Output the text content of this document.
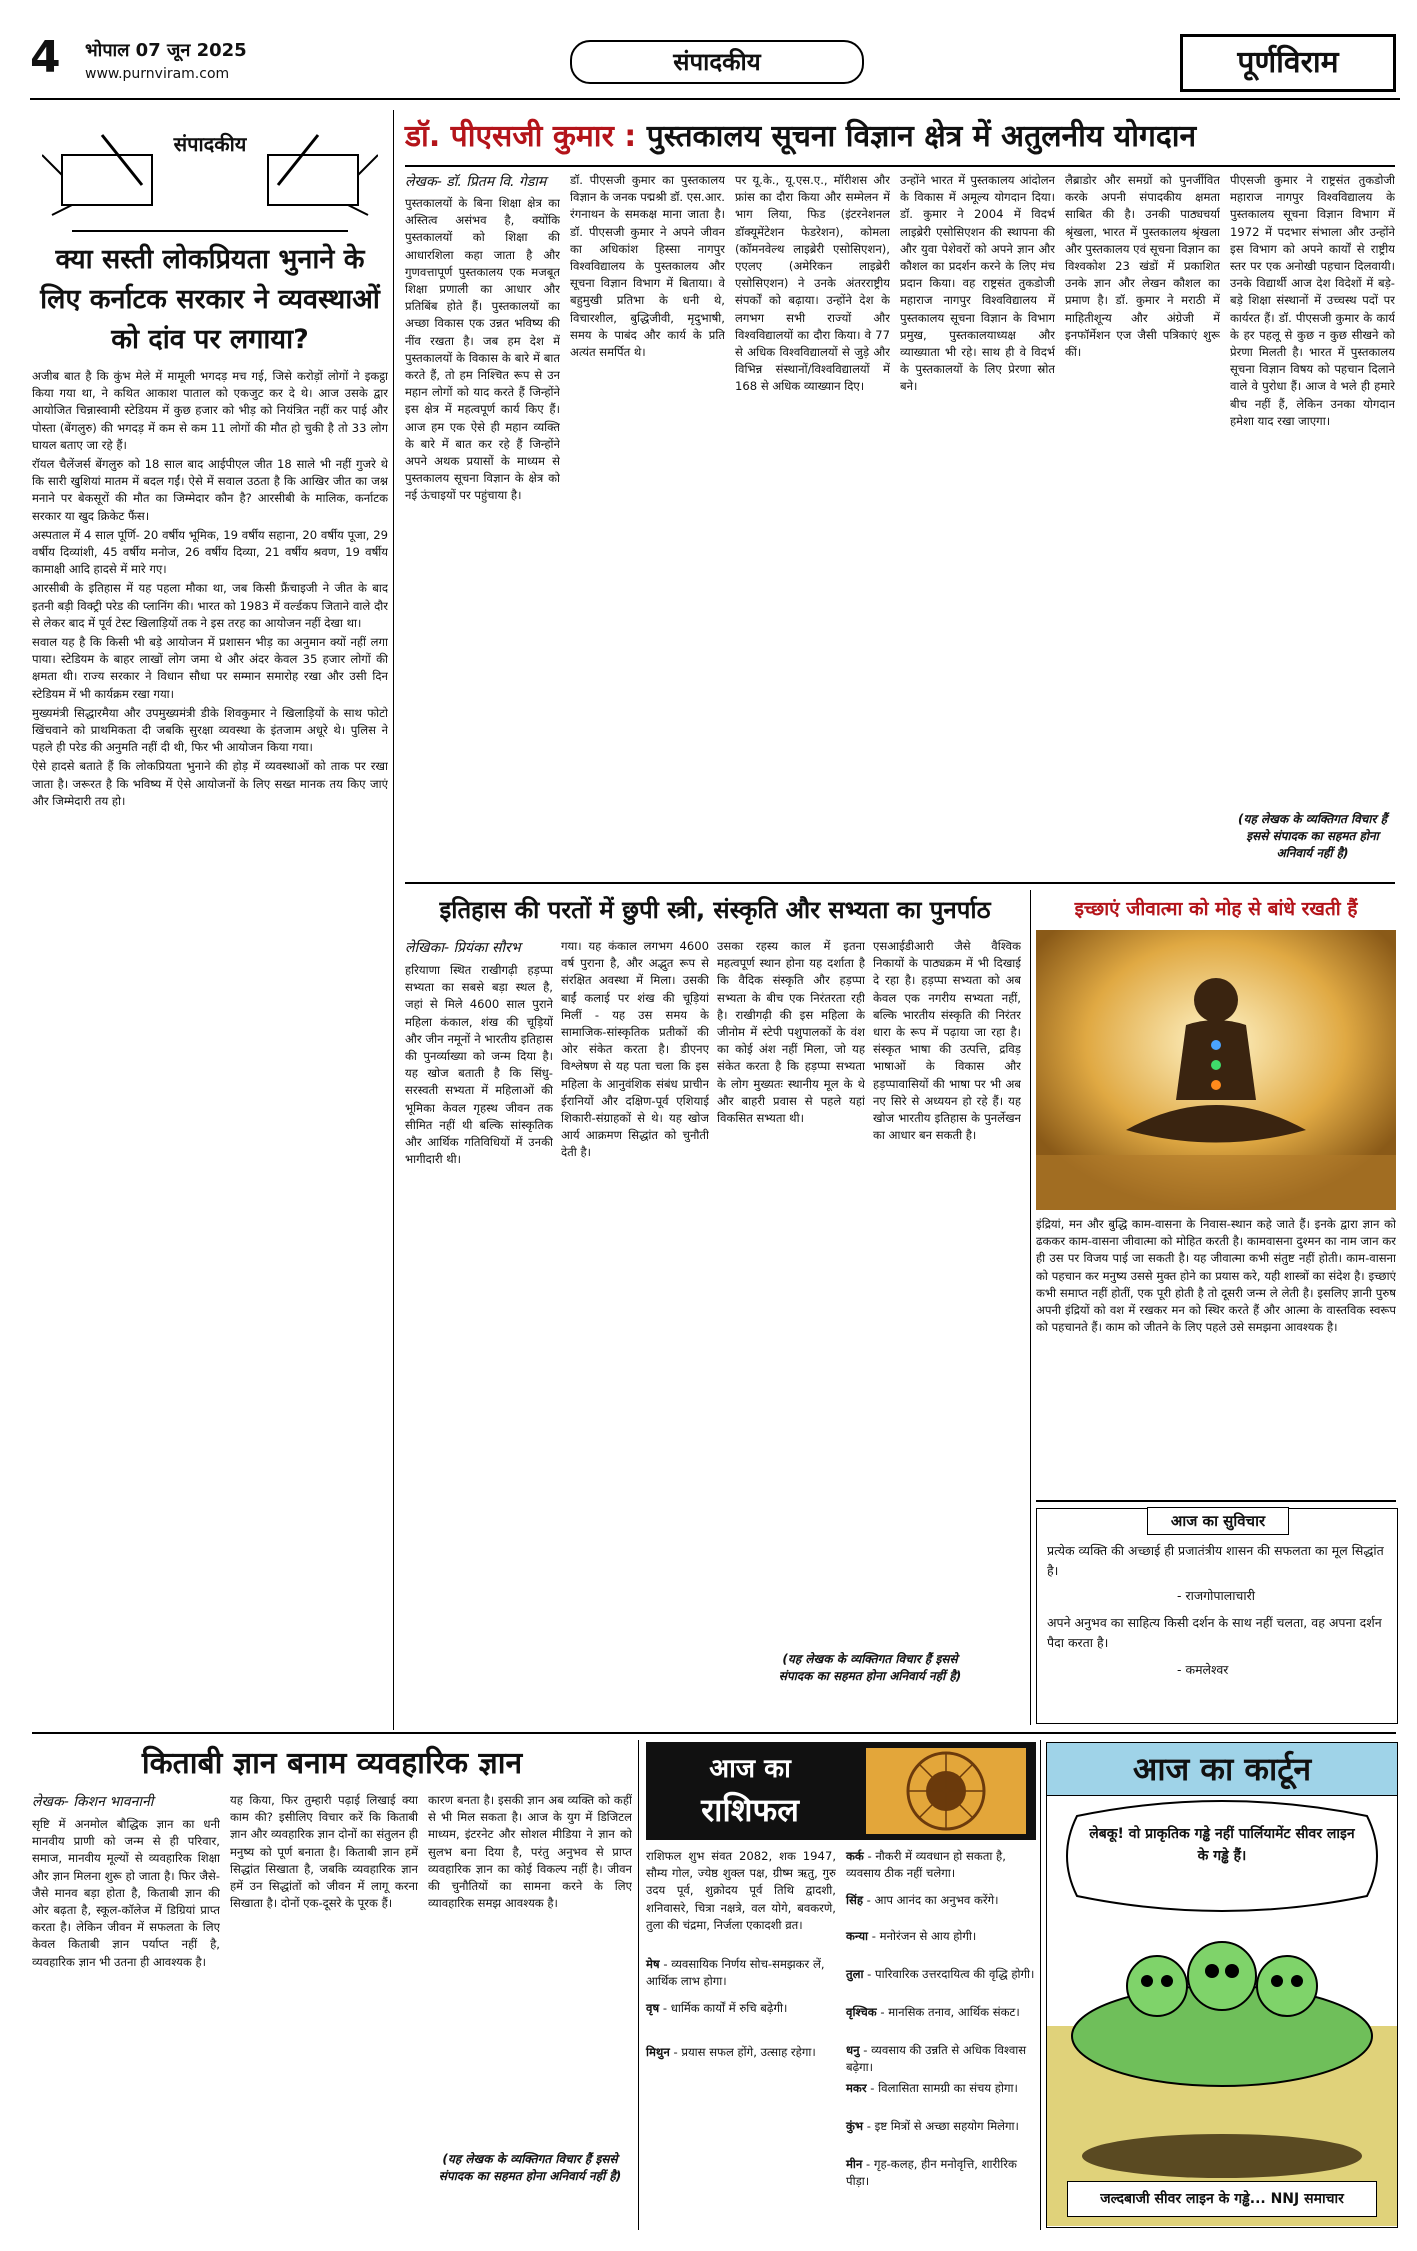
4 भोपाल 07 जून 2025
www.purnviram.com	संपादकीय	पूर्णविराम
संपादकीय
क्या सस्ती लोकप्रियता भुनाने के लिए कर्नाटक सरकार ने व्यवस्थाओं को दांव पर लगाया?

अजीब बात है कि कुंभ मेले में मामूली भगदड़ मच गई, जिसे करोड़ों लोगों ने इकट्ठा किया गया था, ने कथित आकाश पाताल को एकजुट कर दे थे। आज उसके द्वार आयोजित चिन्नास्वामी स्टेडियम में कुछ हजार को भीड़ को नियंत्रित नहीं कर पाई और पोस्ता (बेंगलुरु) की भगदड़ में कम से कम 11 लोगों की मौत हो चुकी है तो 33 लोग घायल बताए जा रहे हैं।

रॉयल चैलेंजर्स बेंगलुरु को 18 साल बाद आईपीएल जीत 18 साले भी नहीं गुजरे थे कि सारी खुशियां मातम में बदल गईं। ऐसे में सवाल उठता है कि आखिर जीत का जश्न मनाने पर बेकसूरों की मौत का जिम्मेदार कौन है? आरसीबी के मालिक, कर्नाटक सरकार या खुद क्रिकेट फैंस।

अस्पताल में 4 साल पूर्णि- 20 वर्षीय भूमिक, 19 वर्षीय सहाना, 20 वर्षीय पूजा, 29 वर्षीय दिव्यांशी, 45 वर्षीय मनोज, 26 वर्षीय दिव्या, 21 वर्षीय श्रवण, 19 वर्षीय कामाक्षी आदि हादसे में मारे गए।

आरसीबी के इतिहास में यह पहला मौका था, जब किसी फ्रैंचाइजी ने जीत के बाद इतनी बड़ी विक्ट्री परेड की प्लानिंग की। भारत को 1983 में वर्ल्डकप जिताने वाले दौर से लेकर बाद में पूर्व टेस्ट खिलाड़ियों तक ने इस तरह का आयोजन नहीं देखा था।

सवाल यह है कि किसी भी बड़े आयोजन में प्रशासन भीड़ का अनुमान क्यों नहीं लगा पाया। स्टेडियम के बाहर लाखों लोग जमा थे और अंदर केवल 35 हजार लोगों की क्षमता थी। राज्य सरकार ने विधान सौधा पर सम्मान समारोह रखा और उसी दिन स्टेडियम में भी कार्यक्रम रखा गया।

मुख्यमंत्री सिद्धारमैया और उपमुख्यमंत्री डीके शिवकुमार ने खिलाड़ियों के साथ फोटो खिंचवाने को प्राथमिकता दी जबकि सुरक्षा व्यवस्था के इंतजाम अधूरे थे। पुलिस ने पहले ही परेड की अनुमति नहीं दी थी, फिर भी आयोजन किया गया।

ऐसे हादसे बताते हैं कि लोकप्रियता भुनाने की होड़ में व्यवस्थाओं को ताक पर रखा जाता है। जरूरत है कि भविष्य में ऐसे आयोजनों के लिए सख्त मानक तय किए जाएं और जिम्मेदारी तय हो।

डॉ. पीएसजी कुमार : पुस्तकालय सूचना विज्ञान क्षेत्र में अतुलनीय योगदान
लेखक- डॉ. प्रितम वि. गेडाम
पुस्तकालयों के बिना शिक्षा क्षेत्र का अस्तित्व असंभव है, क्योंकि पुस्तकालयों को शिक्षा की आधारशिला कहा जाता है और गुणवत्तापूर्ण पुस्तकालय एक मजबूत शिक्षा प्रणाली का आधार और प्रतिबिंब होते हैं। पुस्तकालयों का अच्छा विकास एक उन्नत भविष्य की नींव रखता है। जब हम देश में पुस्तकालयों के विकास के बारे में बात करते हैं, तो हम निश्चित रूप से उन महान लोगों को याद करते हैं जिन्होंने इस क्षेत्र में महत्वपूर्ण कार्य किए हैं। आज हम एक ऐसे ही महान व्यक्ति के बारे में बात कर रहे हैं जिन्होंने अपने अथक प्रयासों के माध्यम से पुस्तकालय सूचना विज्ञान के क्षेत्र को नई ऊंचाइयों पर पहुंचाया है।
डॉ. पीएसजी कुमार का पुस्तकालय विज्ञान के जनक पद्मश्री डॉ. एस.आर. रंगनाथन के समकक्ष माना जाता है। डॉ. पीएसजी कुमार ने अपने जीवन का अधिकांश हिस्सा नागपुर विश्वविद्यालय के पुस्तकालय और सूचना विज्ञान विभाग में बिताया। वे बहुमुखी प्रतिभा के धनी थे, विचारशील, बुद्धिजीवी, मृदुभाषी, समय के पाबंद और कार्य के प्रति अत्यंत समर्पित थे।
पर यू.के., यू.एस.ए., मॉरीशस और फ्रांस का दौरा किया और सम्मेलन में भाग लिया, फिड (इंटरनेशनल डॉक्यूमेंटेशन फेडरेशन), कोमला (कॉमनवेल्थ लाइब्रेरी एसोसिएशन), एएलए (अमेरिकन लाइब्रेरी एसोसिएशन) ने उनके अंतरराष्ट्रीय संपर्कों को बढ़ाया। उन्होंने देश के लगभग सभी राज्यों और विश्वविद्यालयों का दौरा किया। वे 77 से अधिक विश्वविद्यालयों से जुड़े और विभिन्न संस्थानों/विश्वविद्यालयों में 168 से अधिक व्याख्यान दिए।
उन्होंने भारत में पुस्तकालय आंदोलन के विकास में अमूल्य योगदान दिया। डॉ. कुमार ने 2004 में विदर्भ लाइब्रेरी एसोसिएशन की स्थापना की और युवा पेशेवरों को अपने ज्ञान और कौशल का प्रदर्शन करने के लिए मंच प्रदान किया। वह राष्ट्रसंत तुकडोजी महाराज नागपुर विश्वविद्यालय में पुस्तकालय सूचना विज्ञान के विभाग प्रमुख, पुस्तकालयाध्यक्ष और व्याख्याता भी रहे। साथ ही वे विदर्भ के पुस्तकालयों के लिए प्रेरणा स्रोत बने।
लैब्राडोर और समग्रों को पुनर्जीवित करके अपनी संपादकीय क्षमता साबित की है। उनकी पाठ्यचर्या श्रृंखला, भारत में पुस्तकालय श्रृंखला और पुस्तकालय एवं सूचना विज्ञान का विश्वकोश 23 खंडों में प्रकाशित उनके ज्ञान और लेखन कौशल का प्रमाण है। डॉ. कुमार ने मराठी में माहितीशून्य और अंग्रेजी में इनफॉर्मेशन एज जैसी पत्रिकाएं शुरू कीं।
पीएसजी कुमार ने राष्ट्रसंत तुकडोजी महाराज नागपुर विश्वविद्यालय के पुस्तकालय सूचना विज्ञान विभाग में 1972 में पदभार संभाला और उन्होंने इस विभाग को अपने कार्यों से राष्ट्रीय स्तर पर एक अनोखी पहचान दिलवायी। उनके विद्यार्थी आज देश विदेशों में बड़े-बड़े शिक्षा संस्थानों में उच्चस्थ पदों पर कार्यरत हैं। डॉ. पीएसजी कुमार के कार्य के हर पहलू से कुछ न कुछ सीखने को प्रेरणा मिलती है। भारत में पुस्तकालय सूचना विज्ञान विषय को पहचान दिलाने वाले वे पुरोधा हैं। आज वे भले ही हमारे बीच नहीं हैं, लेकिन उनका योगदान हमेशा याद रखा जाएगा।
(यह लेखक के व्यक्तिगत विचार हैं इससे संपादक का सहमत होना अनिवार्य नहीं है)
इतिहास की परतों में छुपी स्त्री, संस्कृति और सभ्यता का पुनर्पाठ
लेखिका- प्रियंका सौरभ
हरियाणा स्थित राखीगढ़ी हड़प्पा सभ्यता का सबसे बड़ा स्थल है, जहां से मिले 4600 साल पुराने महिला कंकाल, शंख की चूड़ियों और जीन नमूनों ने भारतीय इतिहास की पुनर्व्याख्या को जन्म दिया है। यह खोज बताती है कि सिंधु-सरस्वती सभ्यता में महिलाओं की भूमिका केवल गृहस्थ जीवन तक सीमित नहीं थी बल्कि सांस्कृतिक और आर्थिक गतिविधियों में उनकी भागीदारी थी।
गया। यह कंकाल लगभग 4600 वर्ष पुराना है, और अद्भुत रूप से संरक्षित अवस्था में मिला। उसकी बाईं कलाई पर शंख की चूड़ियां मिलीं - यह उस समय के सामाजिक-सांस्कृतिक प्रतीकों की ओर संकेत करता है। डीएनए विश्लेषण से यह पता चला कि इस महिला के आनुवंशिक संबंध प्राचीन ईरानियों और दक्षिण-पूर्व एशियाई शिकारी-संग्राहकों से थे। यह खोज आर्य आक्रमण सिद्धांत को चुनौती देती है।
उसका रहस्य काल में इतना महत्वपूर्ण स्थान होना यह दर्शाता है कि वैदिक संस्कृति और हड़प्पा सभ्यता के बीच एक निरंतरता रही है। राखीगढ़ी की इस महिला के जीनोम में स्टेपी पशुपालकों के वंश का कोई अंश नहीं मिला, जो यह संकेत करता है कि हड़प्पा सभ्यता के लोग मुख्यतः स्थानीय मूल के थे और बाहरी प्रवास से पहले यहां विकसित सभ्यता थी।
एसआईडीआरी जैसे वैश्विक निकायों के पाठ्यक्रम में भी दिखाई दे रहा है। हड़प्पा सभ्यता को अब केवल एक नगरीय सभ्यता नहीं, बल्कि भारतीय संस्कृति की निरंतर धारा के रूप में पढ़ाया जा रहा है। संस्कृत भाषा की उत्पत्ति, द्रविड़ भाषाओं के विकास और हड़प्पावासियों की भाषा पर भी अब नए सिरे से अध्ययन हो रहे हैं। यह खोज भारतीय इतिहास के पुनर्लेखन का आधार बन सकती है।
(यह लेखक के व्यक्तिगत विचार हैं इससे संपादक का सहमत होना अनिवार्य नहीं है)
इच्छाएं जीवात्मा को मोह से बांधे रखती हैं
इंद्रियां, मन और बुद्धि काम-वासना के निवास-स्थान कहे जाते हैं। इनके द्वारा ज्ञान को ढककर काम-वासना जीवात्मा को मोहित करती है। कामवासना दुश्मन का नाम जान कर ही उस पर विजय पाई जा सकती है। यह जीवात्मा कभी संतुष्ट नहीं होती। काम-वासना को पहचान कर मनुष्य उससे मुक्त होने का प्रयास करे, यही शास्त्रों का संदेश है। इच्छाएं कभी समाप्त नहीं होतीं, एक पूरी होती है तो दूसरी जन्म ले लेती है। इसलिए ज्ञानी पुरुष अपनी इंद्रियों को वश में रखकर मन को स्थिर करते हैं और आत्मा के वास्तविक स्वरूप को पहचानते हैं। काम को जीतने के लिए पहले उसे समझना आवश्यक है।
आज का सुविचार
प्रत्येक व्यक्ति की अच्छाई ही प्रजातंत्रीय शासन की सफलता का मूल सिद्धांत है।
- राजगोपालाचारी
अपने अनुभव का साहित्य किसी दर्शन के साथ नहीं चलता, वह अपना दर्शन पैदा करता है।
- कमलेश्वर
किताबी ज्ञान बनाम व्यवहारिक ज्ञान
लेखक- किशन भावनानी
सृष्टि में अनमोल बौद्धिक ज्ञान का धनी मानवीय प्राणी को जन्म से ही परिवार, समाज, मानवीय मूल्यों से व्यवहारिक शिक्षा और ज्ञान मिलना शुरू हो जाता है। फिर जैसे-जैसे मानव बड़ा होता है, किताबी ज्ञान की ओर बढ़ता है, स्कूल-कॉलेज में डिग्रियां प्राप्त करता है। लेकिन जीवन में सफलता के लिए केवल किताबी ज्ञान पर्याप्त नहीं है, व्यवहारिक ज्ञान भी उतना ही आवश्यक है।
यह किया, फिर तुम्हारी पढ़ाई लिखाई क्या काम की? इसीलिए विचार करें कि किताबी ज्ञान और व्यवहारिक ज्ञान दोनों का संतुलन ही मनुष्य को पूर्ण बनाता है। किताबी ज्ञान हमें सिद्धांत सिखाता है, जबकि व्यवहारिक ज्ञान हमें उन सिद्धांतों को जीवन में लागू करना सिखाता है। दोनों एक-दूसरे के पूरक हैं।
कारण बनता है। इसकी ज्ञान अब व्यक्ति को कहीं से भी मिल सकता है। आज के युग में डिजिटल माध्यम, इंटरनेट और सोशल मीडिया ने ज्ञान को सुलभ बना दिया है, परंतु अनुभव से प्राप्त व्यवहारिक ज्ञान का कोई विकल्प नहीं है। जीवन की चुनौतियों का सामना करने के लिए व्यावहारिक समझ आवश्यक है।
(यह लेखक के व्यक्तिगत विचार हैं इससे संपादक का सहमत होना अनिवार्य नहीं है)
आज का
राशिफल
राशिफल शुभ संवत 2082, शक 1947, सौम्य गोल, ज्येष्ठ शुक्ल पक्ष, ग्रीष्म ऋतु, गुरु उदय पूर्व, शुक्रोदय पूर्व तिथि द्वादशी, शनिवासरे, चित्रा नक्षत्रे, वल योगे, बवकरणे, तुला की चंद्रमा, निर्जला एकादशी व्रत।
मेष - व्यवसायिक निर्णय सोच-समझकर लें, आर्थिक लाभ होगा।
वृष - धार्मिक कार्यों में रुचि बढ़ेगी।
मिथुन - प्रयास सफल होंगे, उत्साह रहेगा।
कर्क - नौकरी में व्यवधान हो सकता है, व्यवसाय ठीक नहीं चलेगा।
सिंह - आप आनंद का अनुभव करेंगे।
कन्या - मनोरंजन से आय होगी।
तुला - पारिवारिक उत्तरदायित्व की वृद्धि होगी।
वृश्चिक - मानसिक तनाव, आर्थिक संकट।
धनु - व्यवसाय की उन्नति से अधिक विश्वास बढ़ेगा।
मकर - विलासिता सामग्री का संचय होगा।
कुंभ - इष्ट मित्रों से अच्छा सहयोग मिलेगा।
मीन - गृह-कलह, हीन मनोवृत्ति, शारीरिक पीड़ा।
आज का कार्टून
लेबकू! वो प्राकृतिक गड्ढे नहीं पार्लियामेंट सीवर लाइन के गड्ढे हैं।
जल्दबाजी सीवर लाइन के गड्ढे... NNJ समाचार
